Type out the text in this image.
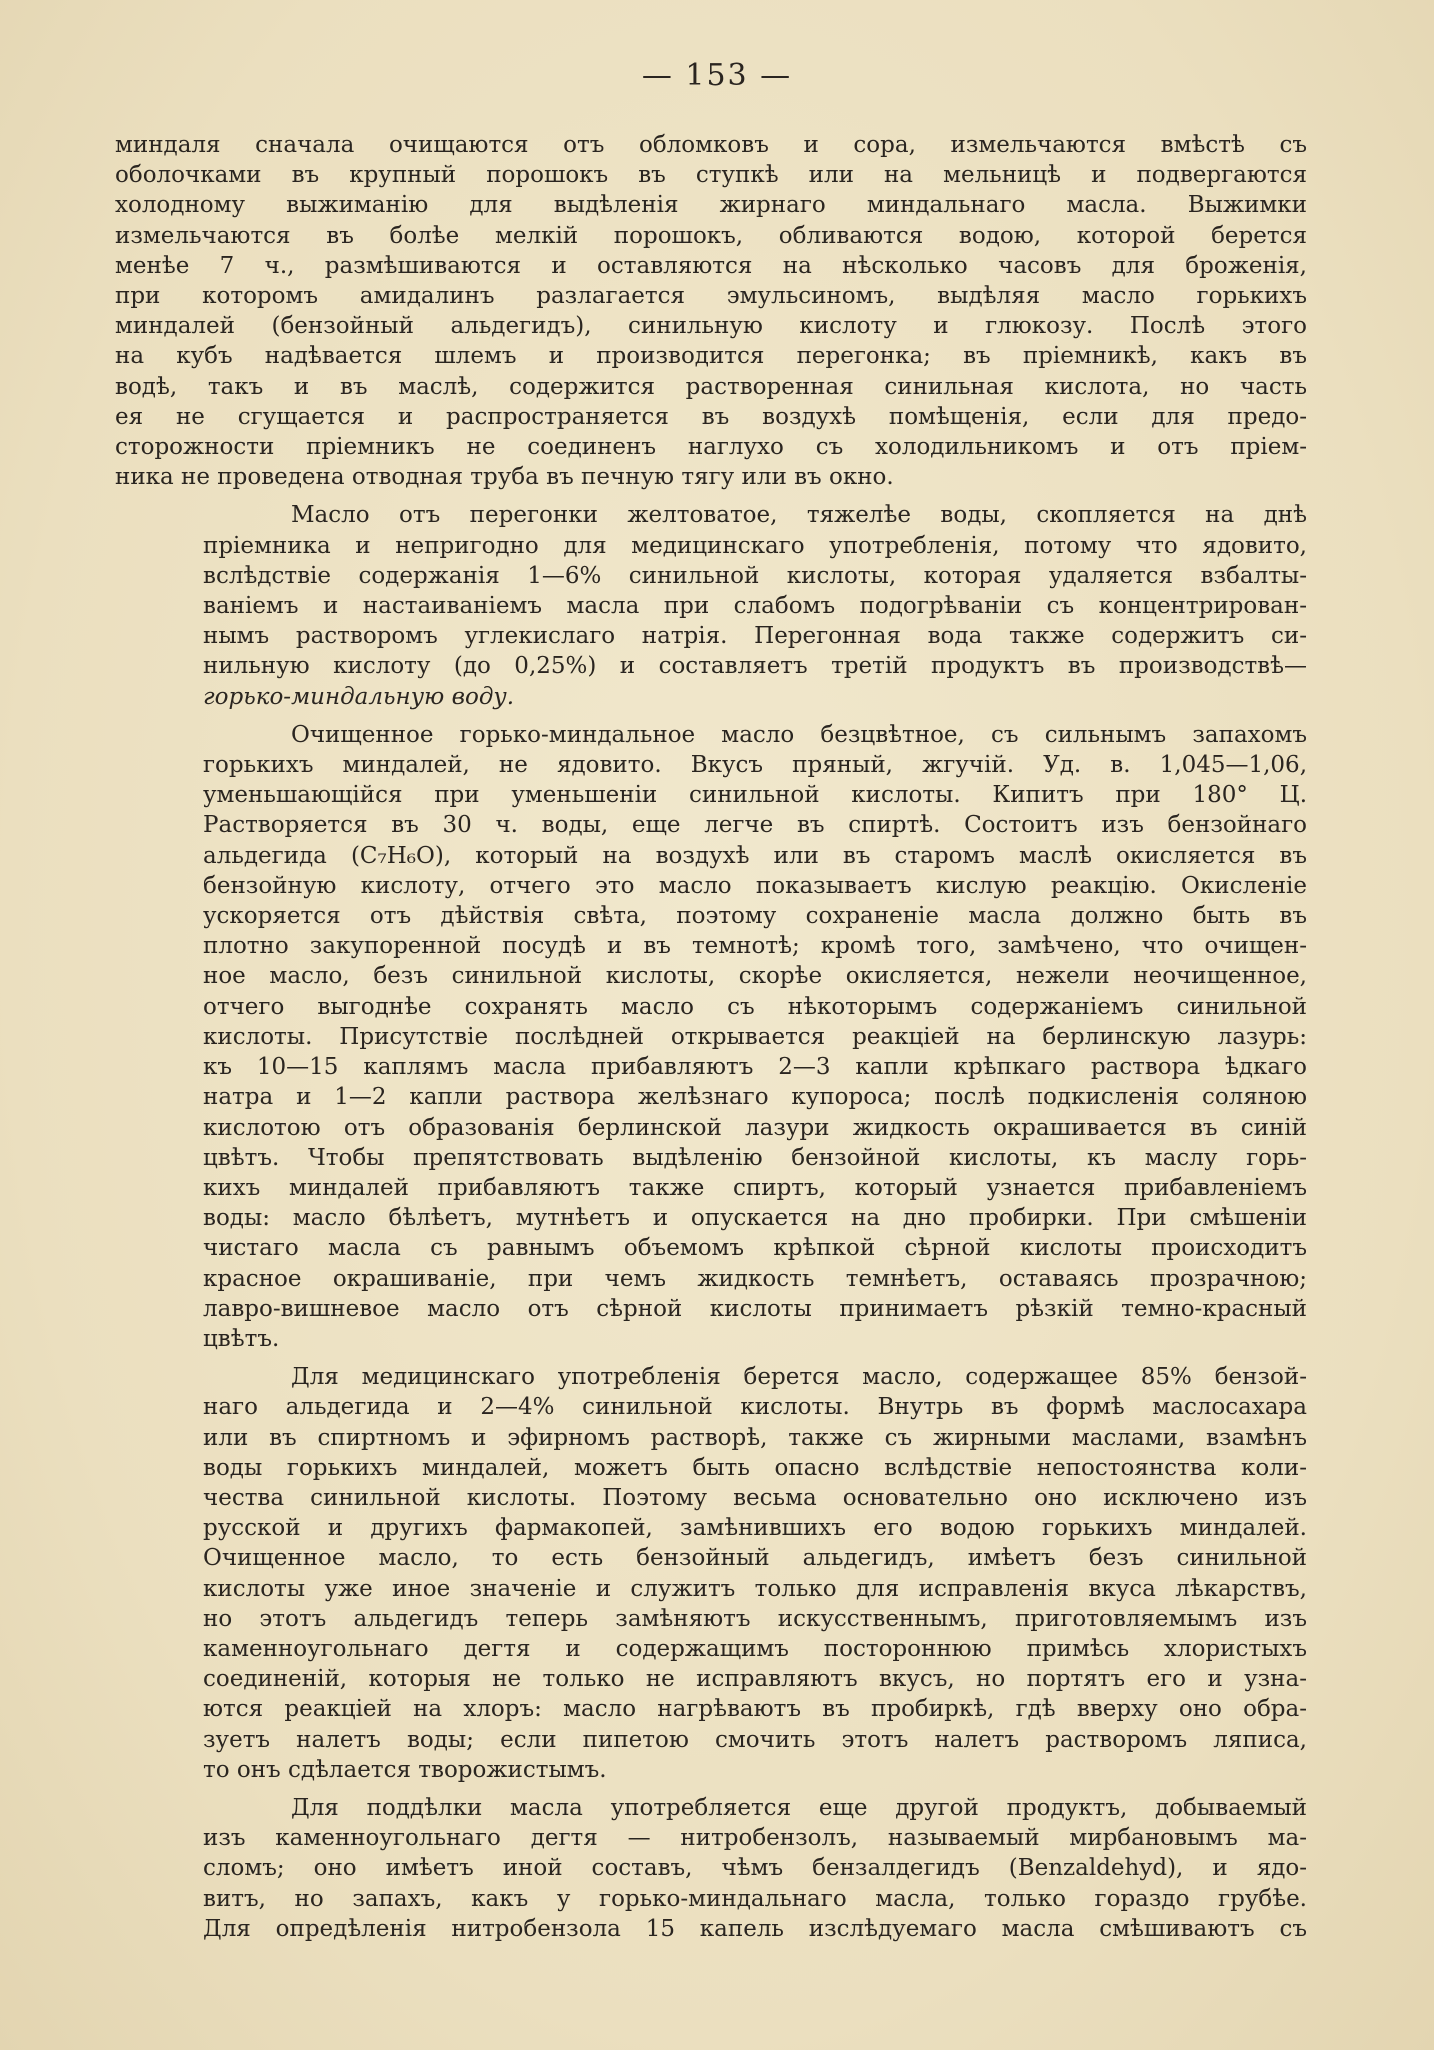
— 153 —
миндаля сначала очищаются отъ обломковъ и сора, измельчаются вмѣстѣ съ
оболочками въ крупный порошокъ въ ступкѣ или на мельницѣ и подвергаются
холодному выжиманію для выдѣленія жирнаго миндальнаго масла. Выжимки
измельчаются въ болѣе мелкій порошокъ, обливаются водою, которой берется
менѣе 7 ч., размѣшиваются и оставляются на нѣсколько часовъ для броженія,
при которомъ амидалинъ разлагается эмульсиномъ, выдѣляя масло горькихъ
миндалей (бензойный альдегидъ), синильную кислоту и глюкозу. Послѣ этого
на кубъ надѣвается шлемъ и производится перегонка; въ пріемникѣ, какъ въ
водѣ, такъ и въ маслѣ, содержится растворенная синильная кислота, но часть
ея не сгущается и распространяется въ воздухѣ помѣщенія, если для предо-
сторожности пріемникъ не соединенъ наглухо съ холодильникомъ и отъ пріем-
ника не проведена отводная труба въ печную тягу или въ окно.
Масло отъ перегонки желтоватое, тяжелѣе воды, скопляется на днѣ
пріемника и непригодно для медицинскаго употребленія, потому что ядовито,
вслѣдствіе содержанія 1—6% синильной кислоты, которая удаляется взбалты-
ваніемъ и настаиваніемъ масла при слабомъ подогрѣваніи съ концентрирован-
нымъ растворомъ углекислаго натрія. Перегонная вода также содержитъ си-
нильную кислоту (до 0,25%) и составляетъ третій продуктъ въ производствѣ—
горько-миндальную воду.
Очищенное горько-миндальное масло безцвѣтное, съ сильнымъ запахомъ
горькихъ миндалей, не ядовито. Вкусъ пряный, жгучій. Уд. в. 1,045—1,06,
уменьшающійся при уменьшеніи синильной кислоты. Кипитъ при 180° Ц.
Растворяется въ 30 ч. воды, еще легче въ спиртѣ. Состоитъ изъ бензойнаго
альдегида (C₇H₆O), который на воздухѣ или въ старомъ маслѣ окисляется въ
бензойную кислоту, отчего это масло показываетъ кислую реакцію. Окисленіе
ускоряется отъ дѣйствія свѣта, поэтому сохраненіе масла должно быть въ
плотно закупоренной посудѣ и въ темнотѣ; кромѣ того, замѣчено, что очищен-
ное масло, безъ синильной кислоты, скорѣе окисляется, нежели неочищенное,
отчего выгоднѣе сохранять масло съ нѣкоторымъ содержаніемъ синильной
кислоты. Присутствіе послѣдней открывается реакціей на берлинскую лазурь:
къ 10—15 каплямъ масла прибавляютъ 2—3 капли крѣпкаго раствора ѣдкаго
натра и 1—2 капли раствора желѣзнаго купороса; послѣ подкисленія соляною
кислотою отъ образованія берлинской лазури жидкость окрашивается въ синій
цвѣтъ. Чтобы препятствовать выдѣленію бензойной кислоты, къ маслу горь-
кихъ миндалей прибавляютъ также спиртъ, который узнается прибавленіемъ
воды: масло бѣлѣетъ, мутнѣетъ и опускается на дно пробирки. При смѣшеніи
чистаго масла съ равнымъ объемомъ крѣпкой сѣрной кислоты происходитъ
красное окрашиваніе, при чемъ жидкость темнѣетъ, оставаясь прозрачною;
лавро-вишневое масло отъ сѣрной кислоты принимаетъ рѣзкій темно-красный
цвѣтъ.
Для медицинскаго употребленія берется масло, содержащее 85% бензой-
наго альдегида и 2—4% синильной кислоты. Внутрь въ формѣ маслосахара
или въ спиртномъ и эфирномъ растворѣ, также съ жирными маслами, взамѣнъ
воды горькихъ миндалей, можетъ быть опасно вслѣдствіе непостоянства коли-
чества синильной кислоты. Поэтому весьма основательно оно исключено изъ
русской и другихъ фармакопей, замѣнившихъ его водою горькихъ миндалей.
Очищенное масло, то есть бензойный альдегидъ, имѣетъ безъ синильной
кислоты уже иное значеніе и служитъ только для исправленія вкуса лѣкарствъ,
но этотъ альдегидъ теперь замѣняютъ искусственнымъ, приготовляемымъ изъ
каменноугольнаго дегтя и содержащимъ постороннюю примѣсь хлористыхъ
соединеній, которыя не только не исправляютъ вкусъ, но портятъ его и узна-
ются реакціей на хлоръ: масло нагрѣваютъ въ пробиркѣ, гдѣ вверху оно обра-
зуетъ налетъ воды; если пипетою смочить этотъ налетъ растворомъ ляписа,
то онъ сдѣлается творожистымъ.
Для поддѣлки масла употребляется еще другой продуктъ, добываемый
изъ каменноугольнаго дегтя — нитробензолъ, называемый мирбановымъ ма-
сломъ; оно имѣетъ иной составъ, чѣмъ бензалдегидъ (Benzaldehyd), и ядо-
витъ, но запахъ, какъ у горько-миндальнаго масла, только гораздо грубѣе.
Для опредѣленія нитробензола 15 капель изслѣдуемаго масла смѣшиваютъ съ
